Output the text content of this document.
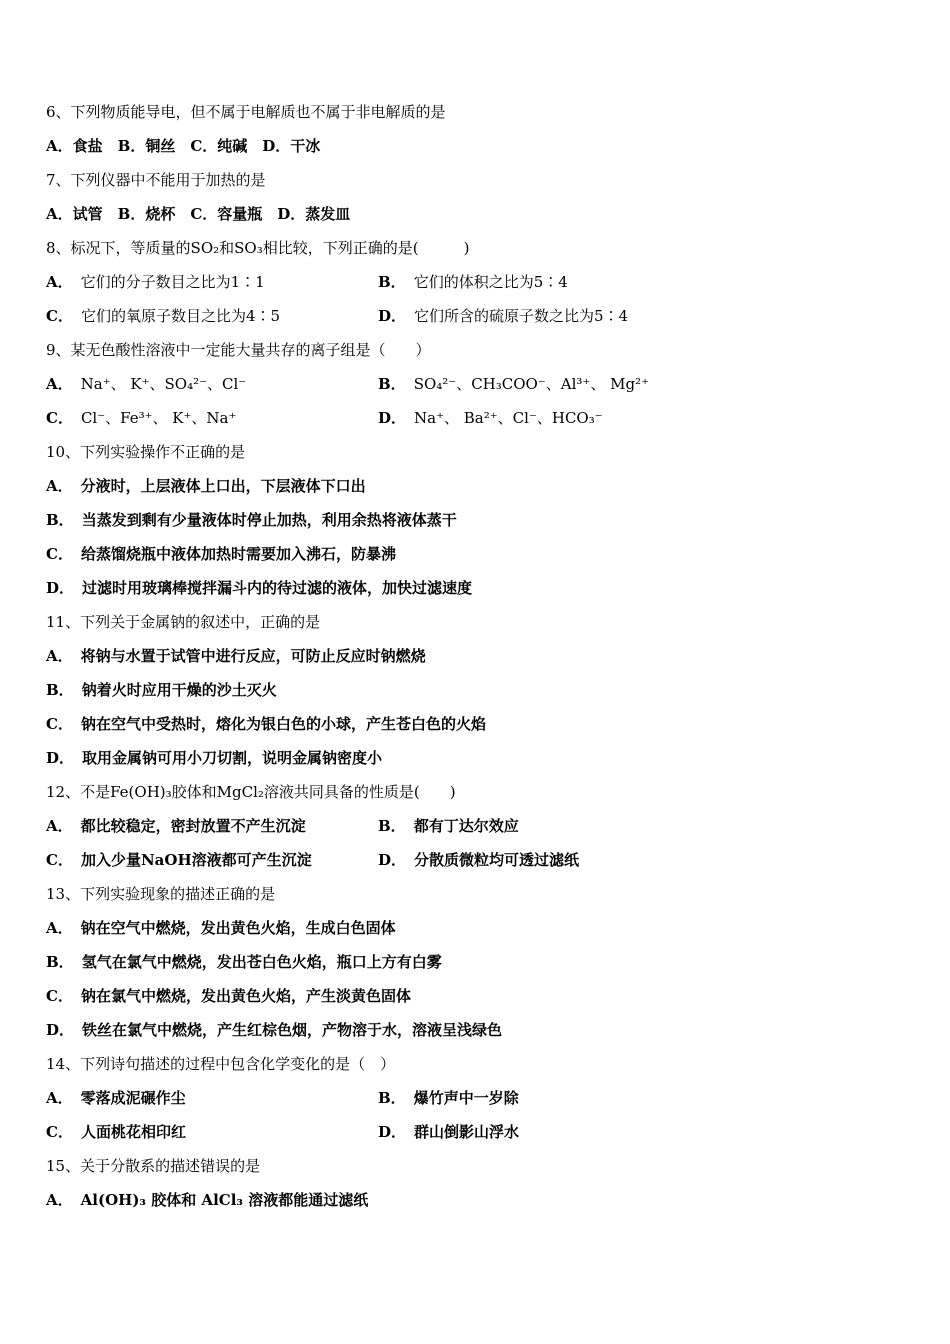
6、下列物质能导电，但不属于电解质也不属于非电解质的是
A．食盐　B．铜丝　C．纯碱　D．干冰
7、下列仪器中不能用于加热的是
A．试管　B．烧杯　C．容量瓶　D．蒸发皿
8、标况下，等质量的SO₂和SO₃相比较，下列正确的是(　　　)
A． 它们的分子数目之比为1∶1	B． 它们的体积之比为5∶4
C． 它们的氧原子数目之比为4∶5	D． 它们所含的硫原子数之比为5∶4
9、某无色酸性溶液中一定能大量共存的离子组是（　　）
A． Na⁺、 K⁺、SO₄²⁻、Cl⁻	B． SO₄²⁻、CH₃COO⁻、Al³⁺、 Mg²⁺
C． Cl⁻、Fe³⁺、 K⁺、Na⁺	D． Na⁺、 Ba²⁺、Cl⁻、HCO₃⁻
10、下列实验操作不正确的是
A． 分液时，上层液体上口出，下层液体下口出
B． 当蒸发到剩有少量液体时停止加热，利用余热将液体蒸干
C． 给蒸馏烧瓶中液体加热时需要加入沸石，防暴沸
D． 过滤时用玻璃棒搅拌漏斗内的待过滤的液体，加快过滤速度
11、下列关于金属钠的叙述中，正确的是
A． 将钠与水置于试管中进行反应，可防止反应时钠燃烧
B． 钠着火时应用干燥的沙土灭火
C． 钠在空气中受热时，熔化为银白色的小球，产生苍白色的火焰
D． 取用金属钠可用小刀切割，说明金属钠密度小
12、不是Fe(OH)₃胶体和MgCl₂溶液共同具备的性质是(　　)
A． 都比较稳定，密封放置不产生沉淀	B． 都有丁达尔效应
C． 加入少量NaOH溶液都可产生沉淀	D． 分散质微粒均可透过滤纸
13、下列实验现象的描述正确的是
A． 钠在空气中燃烧，发出黄色火焰，生成白色固体
B． 氢气在氯气中燃烧，发出苍白色火焰，瓶口上方有白雾
C． 钠在氯气中燃烧，发出黄色火焰，产生淡黄色固体
D． 铁丝在氯气中燃烧，产生红棕色烟，产物溶于水，溶液呈浅绿色
14、下列诗句描述的过程中包含化学变化的是（　）
A． 零落成泥碾作尘	B． 爆竹声中一岁除
C． 人面桃花相印红	D． 群山倒影山浮水
15、关于分散系的描述错误的是
A． Al(OH)₃ 胶体和 AlCl₃ 溶液都能通过滤纸
